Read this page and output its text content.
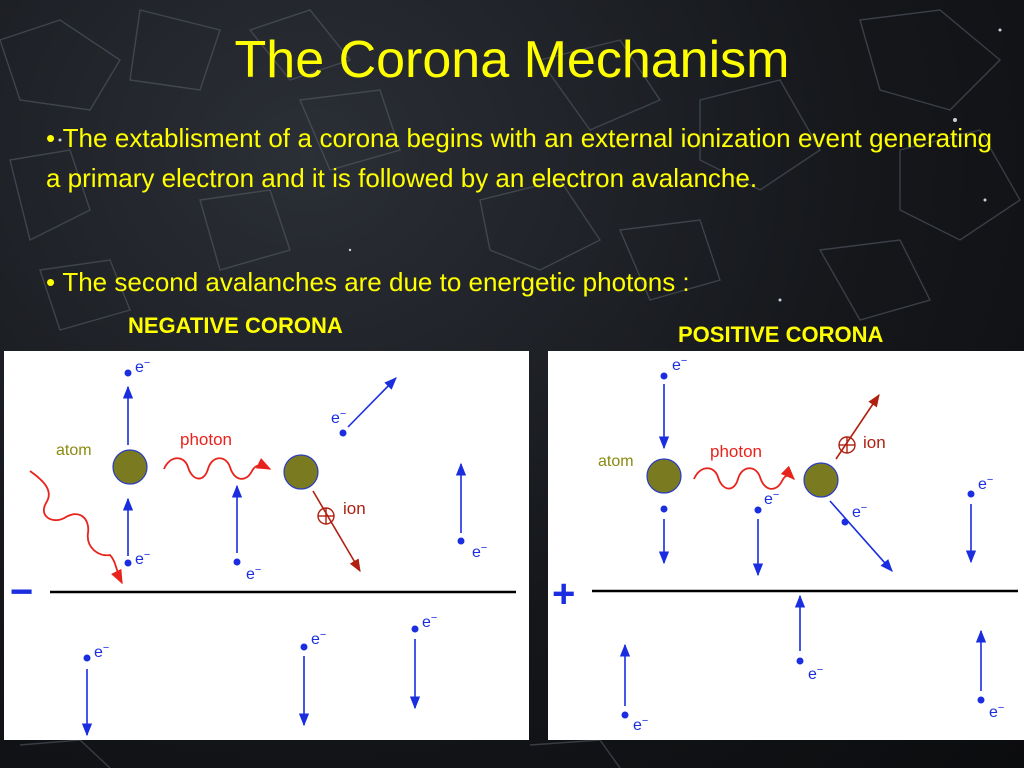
The Corona Mechanism
• The extablisment of a corona begins with an external ionization event generating a primary electron and it is followed by an electron avalanche.
• The second avalanches are due to energetic photons :
NEGATIVE CORONA	POSITIVE CORONA
−
atom
photon
e−
e−
e−
e−
ion
e−
e−	e−
e−
+
atom
photon	ion
e−
e−
e−
e−
e−
e−
e−
